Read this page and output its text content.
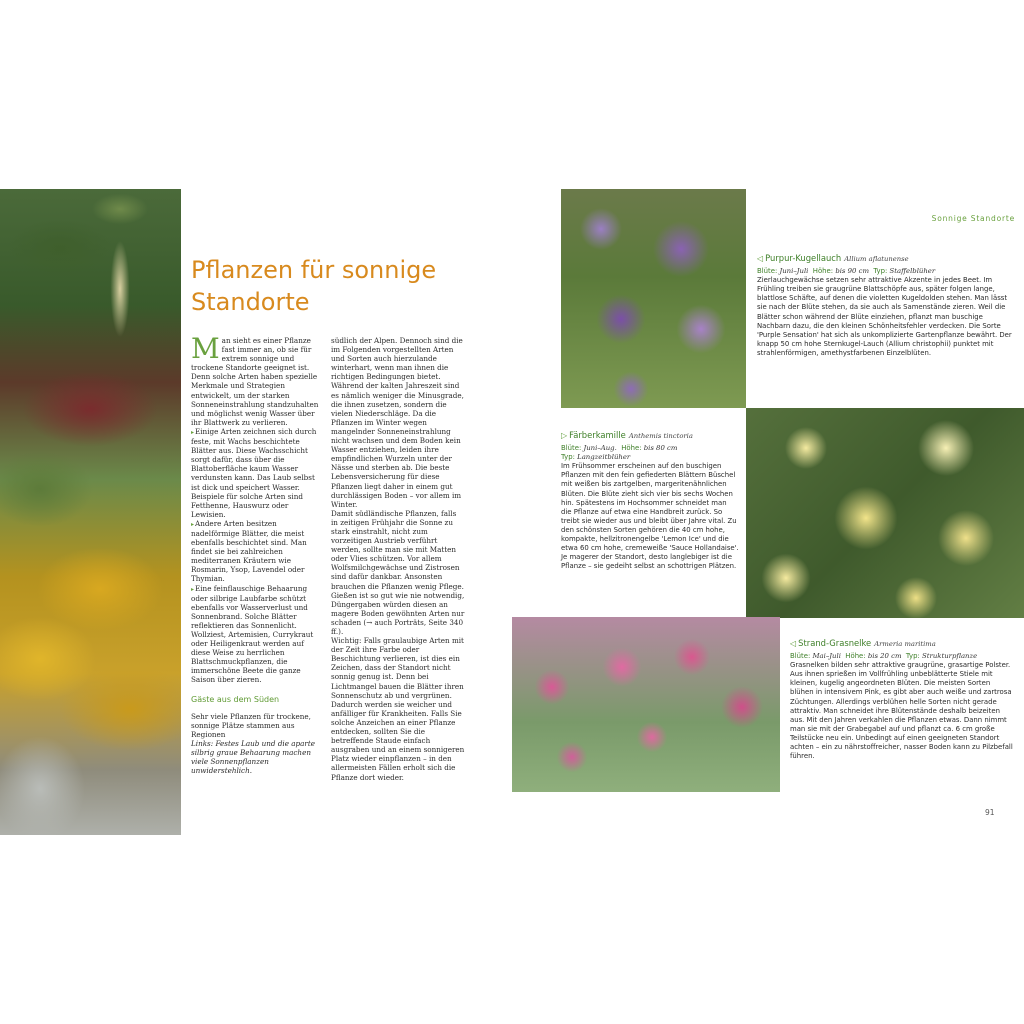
Pflanzen für sonnige
Standorte

Man sieht es einer Pflanze fast immer an, ob sie für extrem sonnige und trockene Standorte geeignet ist. Denn solche Arten haben spezielle Merkmale und Strategien entwickelt, um der starken Sonneneinstrahlung standzuhalten und möglichst wenig Wasser über ihr Blattwerk zu verlieren.

▸Einige Arten zeichnen sich durch feste, mit Wachs beschichtete Blätter aus. Diese Wachsschicht sorgt dafür, dass über die Blattoberfläche kaum Wasser verdunsten kann. Das Laub selbst ist dick und speichert Wasser. Beispiele für solche Arten sind Fetthenne, Hauswurz oder Lewisien.

▸Andere Arten besitzen nadelförmige Blätter, die meist ebenfalls beschichtet sind. Man findet sie bei zahlreichen mediterranen Kräutern wie Rosmarin, Ysop, Lavendel oder Thymian.

▸Eine feinflauschige Behaarung oder silbrige Laubfarbe schützt ebenfalls vor Wasserverlust und Sonnenbrand. Solche Blätter reflektieren das Sonnenlicht. Wollziest, Artemisien, Currykraut oder Heiligenkraut werden auf diese Weise zu herrlichen Blattschmuckpflanzen, die immerschöne Beete die ganze Saison über zieren.

Gäste aus dem Süden

Sehr viele Pflanzen für trockene, sonnige Plätze stammen aus Regionen

Links: Festes Laub und die aparte silbrig graue Behaarung machen viele Sonnenpflanzen unwiderstehlich.

südlich der Alpen. Dennoch sind die im Folgenden vorgestellten Arten und Sorten auch hierzulande winterhart, wenn man ihnen die richtigen Bedingungen bietet. Während der kalten Jahreszeit sind es nämlich weniger die Minusgrade, die ihnen zusetzen, sondern die vielen Niederschläge. Da die Pflanzen im Winter wegen mangelnder Sonneneinstrahlung nicht wachsen und dem Boden kein Wasser entziehen, leiden ihre empfindlichen Wurzeln unter der Nässe und sterben ab. Die beste Lebensversicherung für diese Pflanzen liegt daher in einem gut durchlässigen Boden – vor allem im Winter.

Damit südländische Pflanzen, falls in zeitigen Frühjahr die Sonne zu stark einstrahlt, nicht zum vorzeitigen Austrieb verführt werden, sollte man sie mit Matten oder Vlies schützen. Vor allem Wolfsmilchgewächse und Zistrosen sind dafür dankbar. Ansonsten brauchen die Pflanzen wenig Pflege. Gießen ist so gut wie nie notwendig, Düngergaben würden diesen an magere Boden gewöhnten Arten nur schaden (→ auch Porträts, Seite 340 ff.).

Wichtig: Falls graulaubige Arten mit der Zeit ihre Farbe oder Beschichtung verlieren, ist dies ein Zeichen, dass der Standort nicht sonnig genug ist. Denn bei Lichtmangel bauen die Blätter ihren Sonnenschutz ab und vergrünen. Dadurch werden sie weicher und anfälliger für Krankheiten. Falls Sie solche Anzeichen an einer Pflanze entdecken, sollten Sie die betreffende Staude einfach ausgraben und an einem sonnigeren Platz wieder einpflanzen – in den allermeisten Fällen erholt sich die Pflanze dort wieder.

Sonnige Standorte
◁ Purpur-Kugellauch Allium aflatunense
Blüte: Juni–Juli Höhe: bis 90 cm Typ: Staffelblüher

Zierlauchgewächse setzen sehr attraktive Akzente in jedes Beet. Im Frühling treiben sie graugrüne Blattschöpfe aus, später folgen lange, blattlose Schäfte, auf denen die violetten Kugeldolden stehen. Man lässt sie nach der Blüte stehen, da sie auch als Samenstände zieren. Weil die Blätter schon während der Blüte einziehen, pflanzt man buschige Nachbarn dazu, die den kleinen Schönheitsfehler verdecken. Die Sorte 'Purple Sensation' hat sich als unkomplizierte Gartenpflanze bewährt. Der knapp 50 cm hohe Sternkugel-Lauch (Allium christophii) punktet mit strahlenförmigen, amethystfarbenen Einzelblüten.

▷ Färberkamille Anthemis tinctoria
Blüte: Juni–Aug. Höhe: bis 80 cm
Typ: Langzeitblüher

Im Frühsommer erscheinen auf den buschigen Pflanzen mit den fein gefiederten Blättern Büschel mit weißen bis zartgelben, margeritenähnlichen Blüten. Die Blüte zieht sich vier bis sechs Wochen hin. Spätestens im Hochsommer schneidet man die Pflanze auf etwa eine Handbreit zurück. So treibt sie wieder aus und bleibt über Jahre vital. Zu den schönsten Sorten gehören die 40 cm hohe, kompakte, hellzitronengelbe 'Lemon Ice' und die etwa 60 cm hohe, cremeweiße 'Sauce Hollandaise'. Je magerer der Standort, desto langlebiger ist die Pflanze – sie gedeiht selbst an schottrigen Plätzen.

◁ Strand-Grasnelke Armeria maritima
Blüte: Mai–Juli Höhe: bis 20 cm Typ: Strukturpflanze

Grasnelken bilden sehr attraktive graugrüne, grasartige Polster. Aus ihnen sprießen im Vollfrühling unbeblätterte Stiele mit kleinen, kugelig angeordneten Blüten. Die meisten Sorten blühen in intensivem Pink, es gibt aber auch weiße und zartrosa Züchtungen. Allerdings verblühen helle Sorten nicht gerade attraktiv. Man schneidet ihre Blütenstände deshalb beizeiten aus. Mit den Jahren verkahlen die Pflanzen etwas. Dann nimmt man sie mit der Grabegabel auf und pflanzt ca. 6 cm große Teilstücke neu ein. Unbedingt auf einen geeigneten Standort achten – ein zu nährstoffreicher, nasser Boden kann zu Pilzbefall führen.

91
